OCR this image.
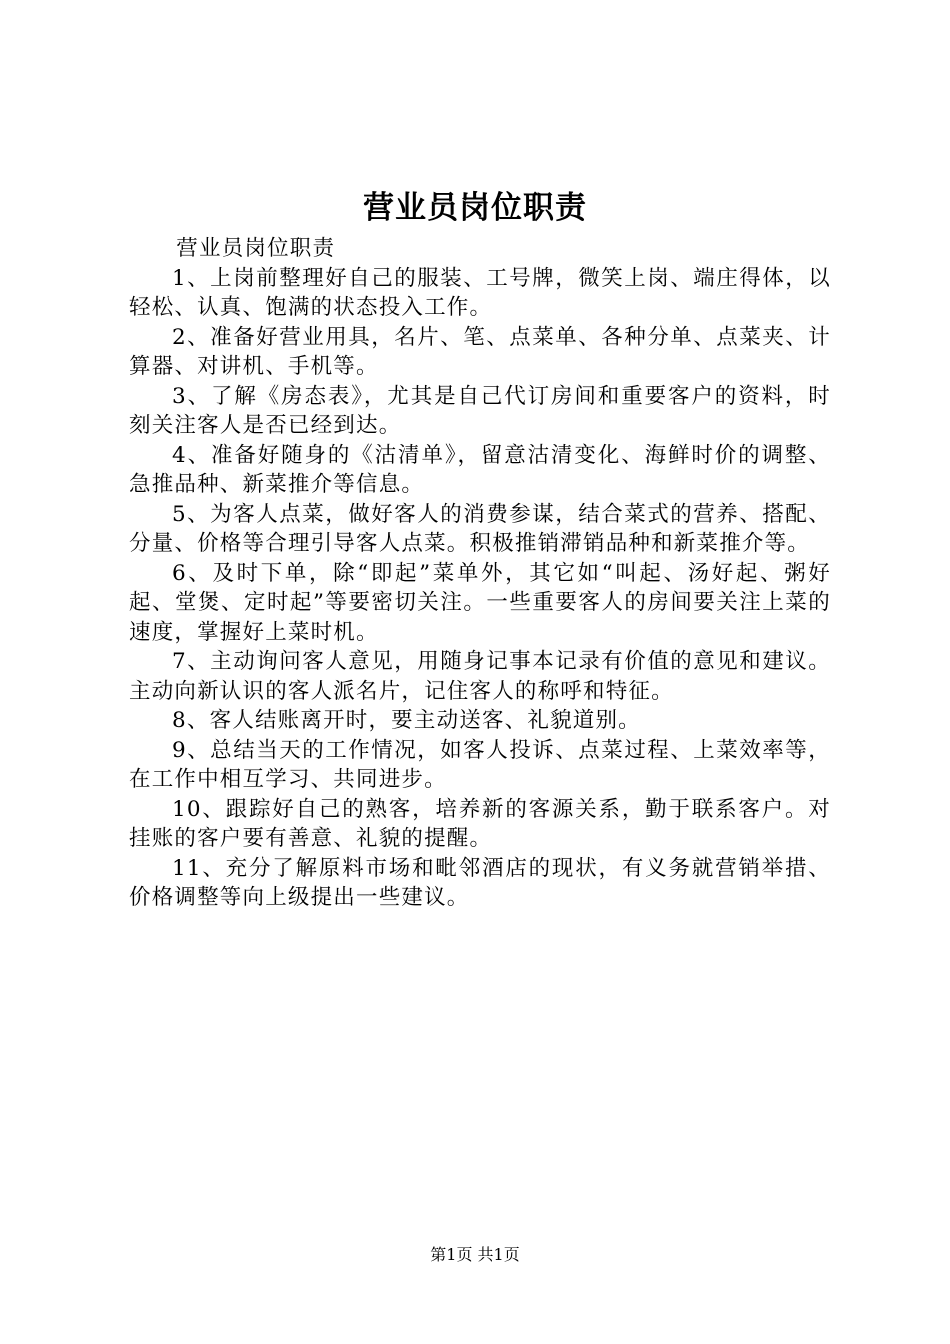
营业员岗位职责

营业员岗位职责

1、上岗前整理好自己的服装、工号牌，微笑上岗、端庄得体，以轻松、认真、饱满的状态投入工作。

2、准备好营业用具，名片、笔、点菜单、各种分单、点菜夹、计算器、对讲机、手机等。

3、了解《房态表》，尤其是自己代订房间和重要客户的资料，时刻关注客人是否已经到达。

4、准备好随身的《沽清单》，留意沽清变化、海鲜时价的调整、急推品种、新菜推介等信息。

5、为客人点菜，做好客人的消费参谋，结合菜式的营养、搭配、分量、价格等合理引导客人点菜。积极推销滞销品种和新菜推介等。

6、及时下单，除“即起”菜单外，其它如“叫起、汤好起、粥好起、堂煲、定时起”等要密切关注。一些重要客人的房间要关注上菜的速度，掌握好上菜时机。

7、主动询问客人意见，用随身记事本记录有价值的意见和建议。主动向新认识的客人派名片，记住客人的称呼和特征。

8、客人结账离开时，要主动送客、礼貌道别。

9、总结当天的工作情况，如客人投诉、点菜过程、上菜效率等，在工作中相互学习、共同进步。

10、跟踪好自己的熟客，培养新的客源关系，勤于联系客户。对挂账的客户要有善意、礼貌的提醒。

11、充分了解原料市场和毗邻酒店的现状，有义务就营销举措、价格调整等向上级提出一些建议。

第1页 共1页
